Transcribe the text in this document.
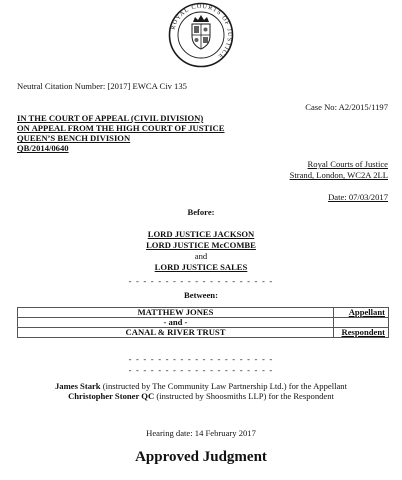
ROYAL COURTS OF JUSTICE
Neutral Citation Number: [2017] EWCA Civ 135
Case No: A2/2015/1197
IN THE COURT OF APPEAL (CIVIL DIVISION)
ON APPEAL FROM THE HIGH COURT OF JUSTICE
QUEEN’S BENCH DIVISION
QB/2014/0640
Royal Courts of Justice
Strand, London, WC2A 2LL
Date: 07/03/2017
Before:
LORD JUSTICE JACKSON
LORD JUSTICE McCOMBE
and
LORD JUSTICE SALES
- - - - - - - - - - - - - - - - - - - -
Between:
MATTHEW JONES	Appellant
- and -	
CANAL & RIVER TRUST	Respondent
- - - - - - - - - - - - - - - - - - - -
- - - - - - - - - - - - - - - - - - - -
James Stark (instructed by The Community Law Partnership Ltd.) for the Appellant
Christopher Stoner QC (instructed by Shoosmiths LLP) for the Respondent
Hearing date: 14 February 2017
Approved Judgment
